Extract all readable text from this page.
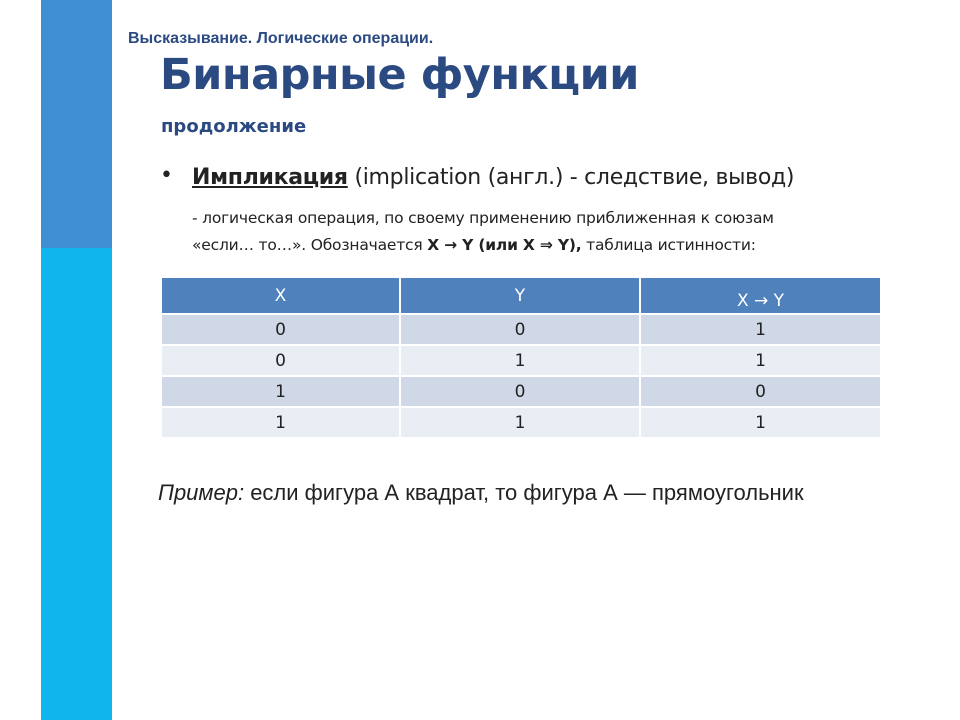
Высказывание. Логические операции.
Бинарные функции
продолжение
• Импликация (implication (англ.) - следствие, вывод)
- логическая операция, по своему применению приближенная к союзам
«если… то…». Обозначается X → Y (или X ⇒ Y), таблица истинности:
X	Y	X → Y
0	0	1
0	1	1
1	0	0
1	1	1
Пример: если фигура А квадрат, то фигура А — прямоугольник
